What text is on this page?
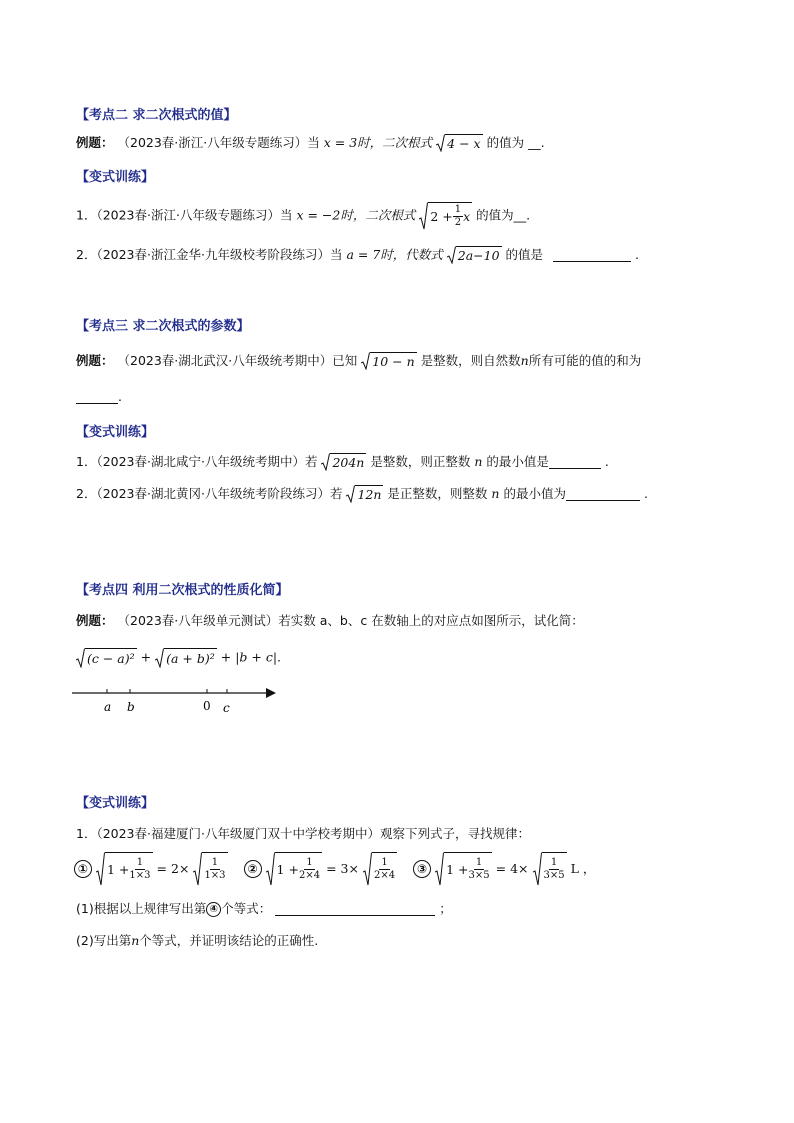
【考点二 求二次根式的值】
例题： （2023春·浙江·八年级专题练习）当 x = 3时，二次根式 4 − x 的值为 __.
【变式训练】
1．（2023春·浙江·八年级专题练习）当 x = −2时，二次根式 $2 + \frac{1}{2}$ x 的值为__.
2．（2023春·浙江金华·九年级校考阶段练习）当 a = 7时，代数式 2a−10 的值是	.
【考点三 求二次根式的参数】
例题： （2023春·湖北武汉·八年级统考期中）已知 10 − n 是整数，则自然数n所有可能的值的和为
.
【变式训练】
1．（2023春·湖北咸宁·八年级统考期中）若 204n 是整数，则正整数 n 的最小值是	.
2．（2023春·湖北黄冈·八年级统考阶段练习）若 12n 是正整数，则整数 n 的最小值为	.
【考点四 利用二次根式的性质化简】
例题： （2023春·八年级单元测试）若实数 a、b、c 在数轴上的对应点如图所示，试化简：
(c − a)² + (a + b)² + |b + c|.
a b	0 c
【变式训练】
1．（2023春·福建厦门·八年级厦门双十中学校考期中）观察下列式子，寻找规律：
①	$1 + \frac{1}{1\times 3} = 2\times \frac{1}{1\times 3}$	②	$1 + \frac{1}{2\times 4} = 3\times \frac{1}{2\times 4}$	③	$1 + \frac{1}{3\times 5} = 4\times \frac{1}{3\times 5}$ L ，
(1)根据以上规律写出第 ④ 个等式：	；
(2)写出第n个等式，并证明该结论的正确性.
